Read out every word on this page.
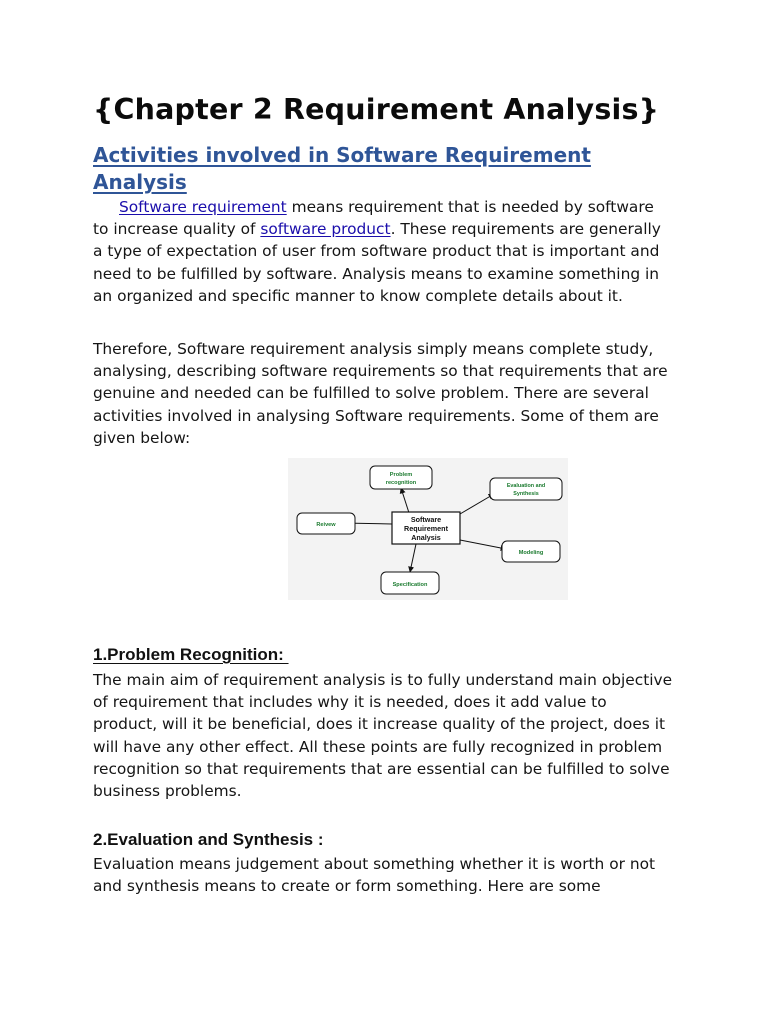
{Chapter 2 Requirement Analysis}
Activities involved in Software Requirement Analysis

Software requirement means requirement that is needed by software to increase quality of software product. These requirements are generally a type of expectation of user from software product that is important and need to be fulfilled by software. Analysis means to examine something in an organized and specific manner to know complete details about it.

Therefore, Software requirement analysis simply means complete study, analysing, describing software requirements so that requirements that are genuine and needed can be fulfilled to solve problem. There are several activities involved in analysing Software requirements. Some of them are given below:

1.Problem Recognition:

The main aim of requirement analysis is to fully understand main objective of requirement that includes why it is needed, does it add value to product, will it be beneficial, does it increase quality of the project, does it will have any other effect. All these points are fully recognized in problem recognition so that requirements that are essential can be fulfilled to solve business problems.

2.Evaluation and Synthesis :

Evaluation means judgement about something whether it is worth or not and synthesis means to create or form something. Here are some

Software
Requirement
Analysis
Problem
recognition	Evaluation and
Synthesis
Reivew
Modeling
Specification
